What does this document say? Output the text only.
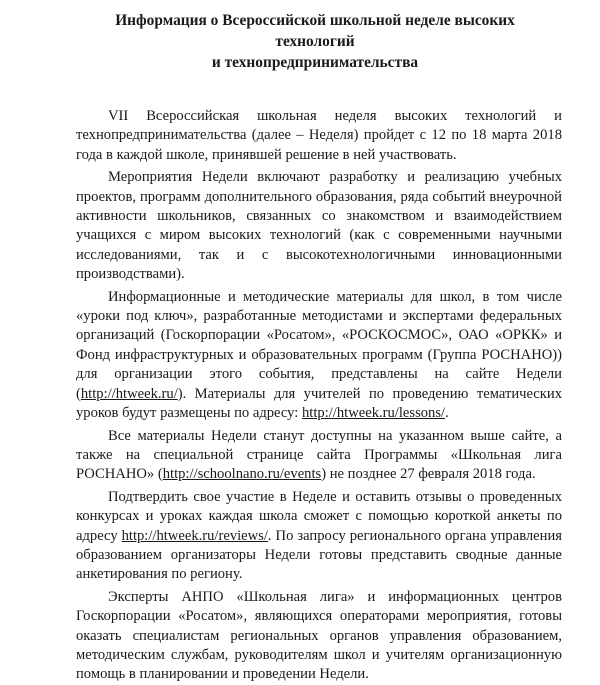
Информация о Всероссийской школьной неделе высоких технологий
и технопредпринимательства

VII Всероссийская школьная неделя высоких технологий и технопредпринимательства (далее – Неделя) пройдет с 12 по 18 марта 2018 года в каждой школе, принявшей решение в ней участвовать.

Мероприятия Недели включают разработку и реализацию учебных проектов, программ дополнительного образования, ряда событий внеурочной активности школьников, связанных со знакомством и взаимодействием учащихся с миром высоких технологий (как с современными научными исследованиями, так и с высокотехнологичными инновационными производствами).

Информационные и методические материалы для школ, в том числе «уроки под ключ», разработанные методистами и экспертами федеральных организаций (Госкорпорации «Росатом», «РОСКОСМОС», ОАО «ОРКК» и Фонд инфраструктурных и образовательных программ (Группа РОСНАНО)) для организации этого события, представлены на сайте Недели (http://htweek.ru/). Материалы для учителей по проведению тематических уроков будут размещены по адресу: http://htweek.ru/lessons/.

Все материалы Недели станут доступны на указанном выше сайте, а также на специальной странице сайта Программы «Школьная лига РОСНАНО» (http://schoolnano.ru/events) не позднее 27 февраля 2018 года.

Подтвердить свое участие в Неделе и оставить отзывы о проведенных конкурсах и уроках каждая школа сможет с помощью короткой анкеты по адресу http://htweek.ru/reviews/. По запросу регионального органа управления образованием организаторы Недели готовы представить сводные данные анкетирования по региону.

Эксперты АНПО «Школьная лига» и информационных центров Госкорпорации «Росатом», являющихся операторами мероприятия, готовы оказать специалистам региональных органов управления образованием, методическим службам, руководителям школ и учителям организационную помощь в планировании и проведении Недели.
